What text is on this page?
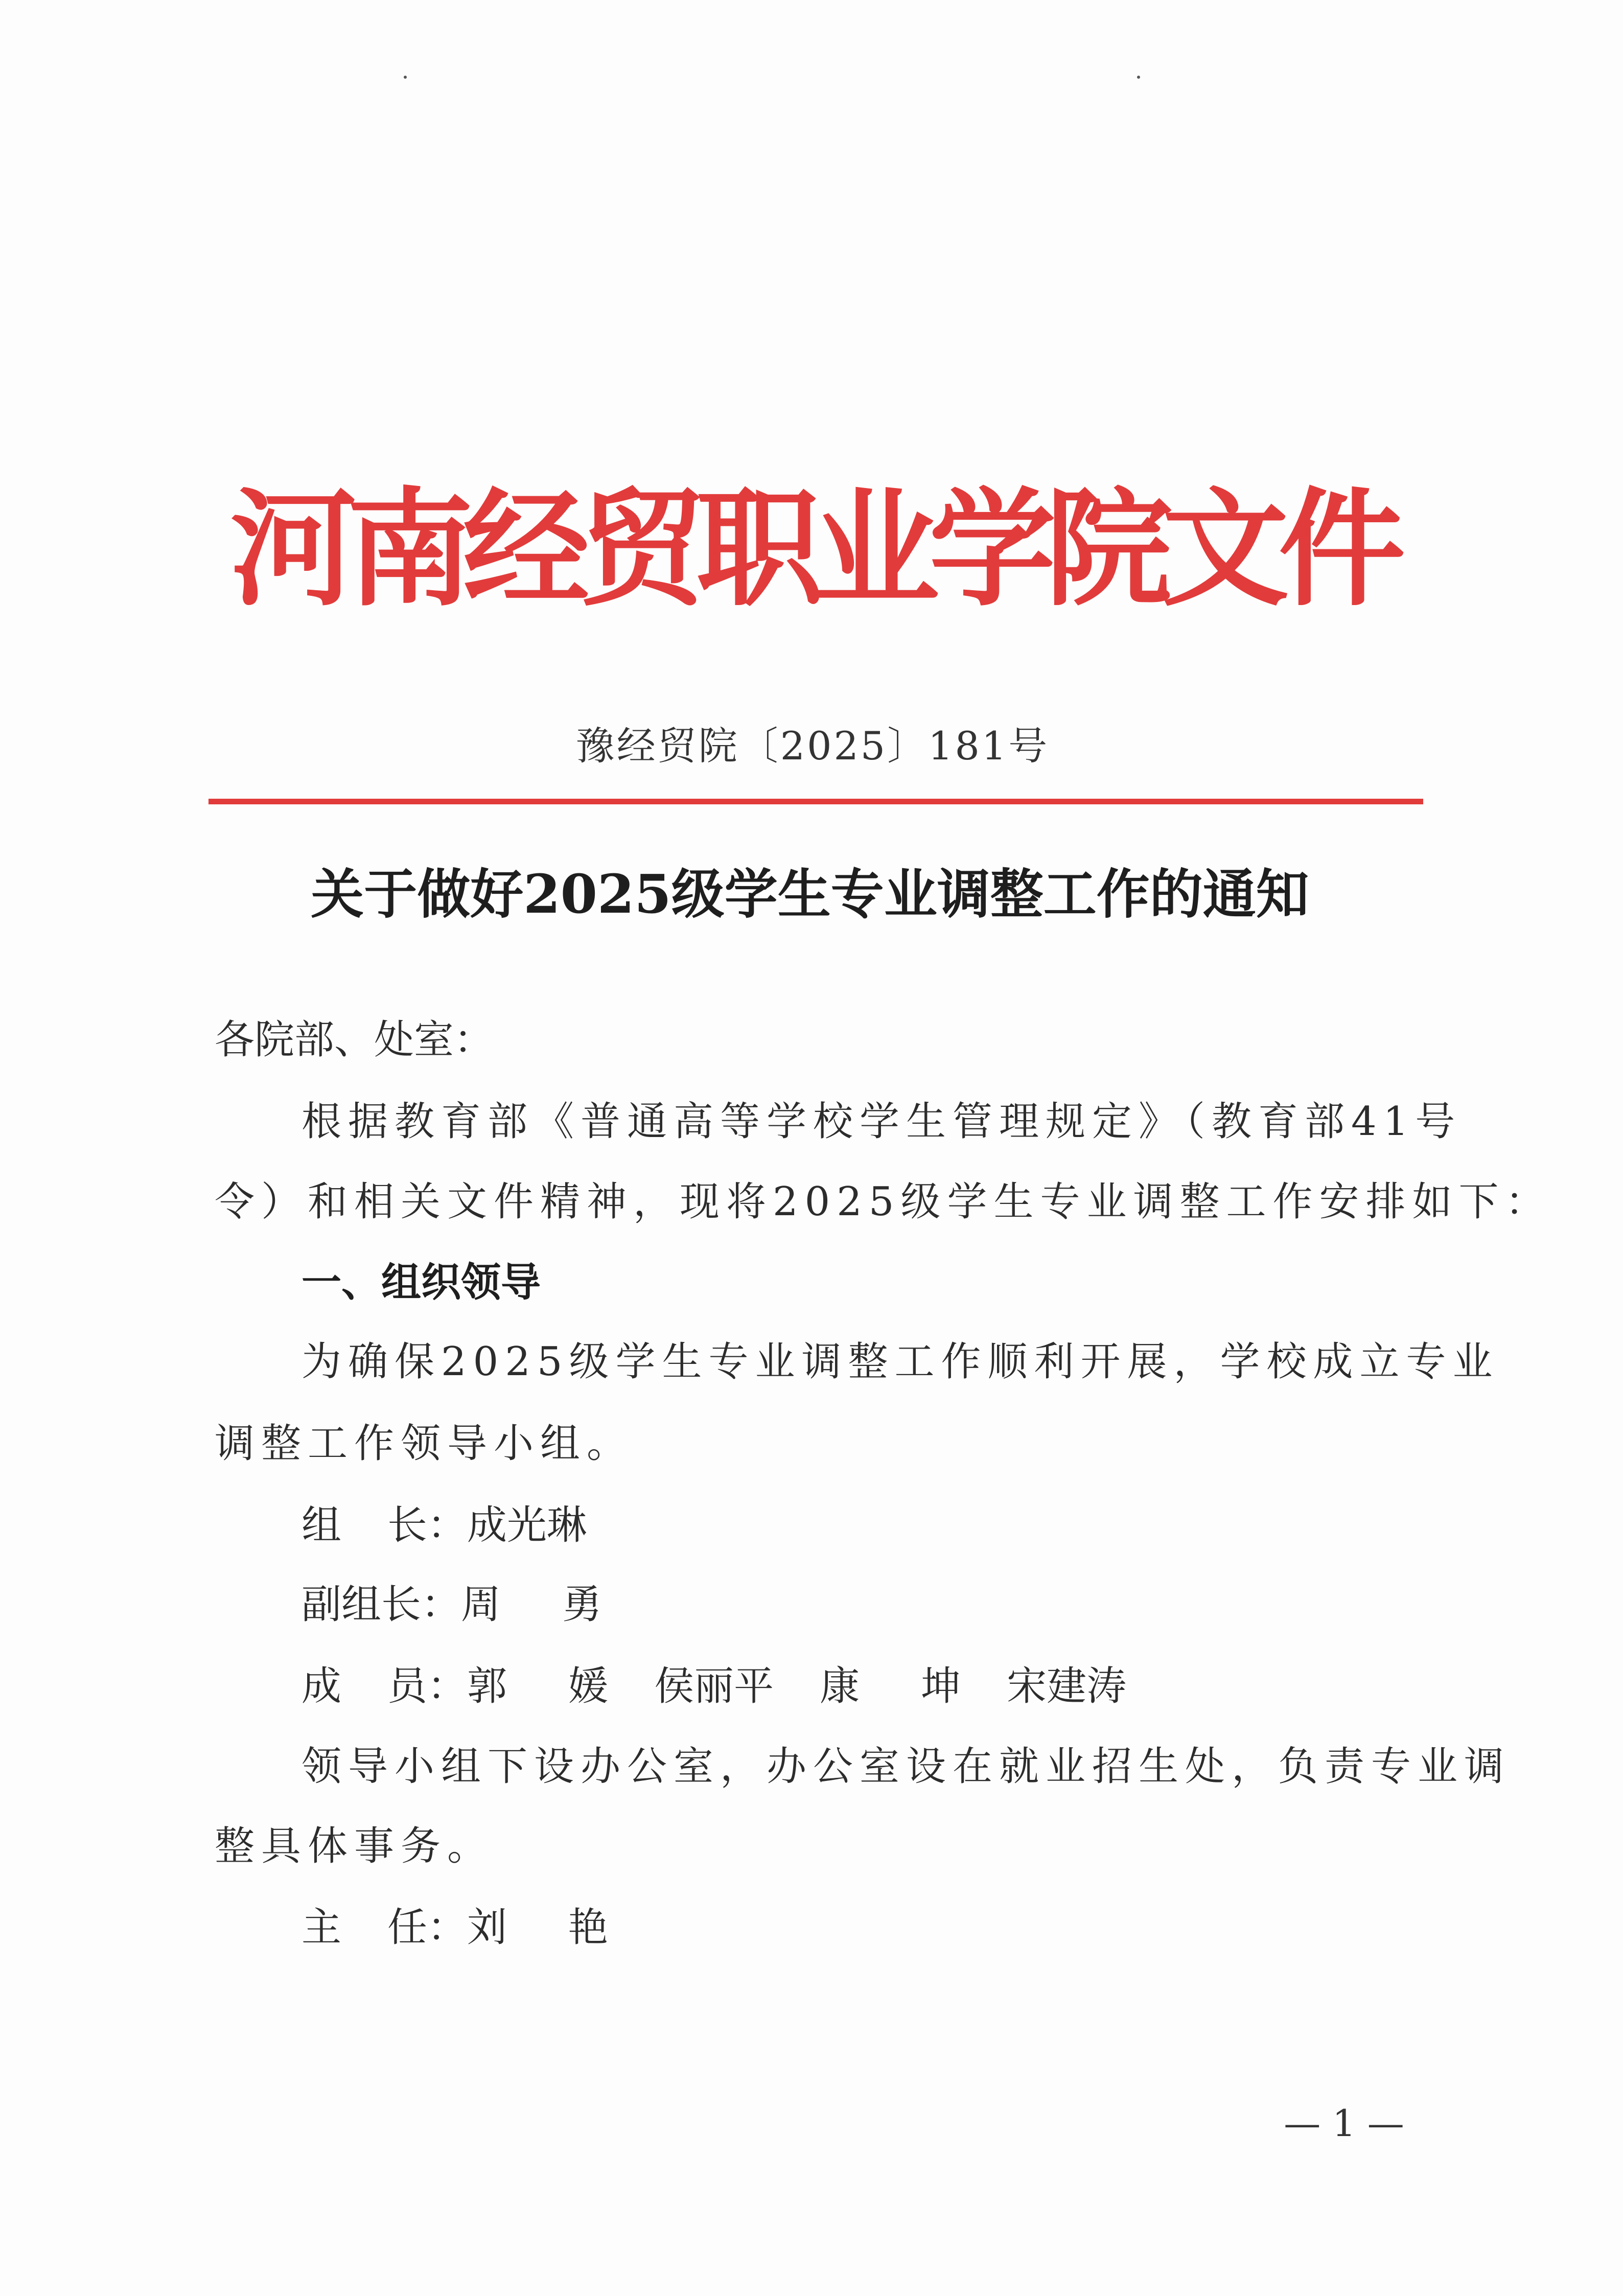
河南经贸职业学院文件
豫经贸院〔2025〕181号
关于做好2025级学生专业调整工作的通知
各院部、处室：
根据教育部《普通高等学校学生管理规定》（教育部41号
令）和相关文件精神，现将2025级学生专业调整工作安排如下：
一、组织领导
为确保2025级学生专业调整工作顺利开展，学校成立专业
调整工作领导小组。
组 长：成光琳
副组长：周 勇
成 员：郭 媛 侯丽平 康 坤 宋建涛
领导小组下设办公室，办公室设在就业招生处，负责专业调
整具体事务。
主 任：刘 艳
— 1 —
